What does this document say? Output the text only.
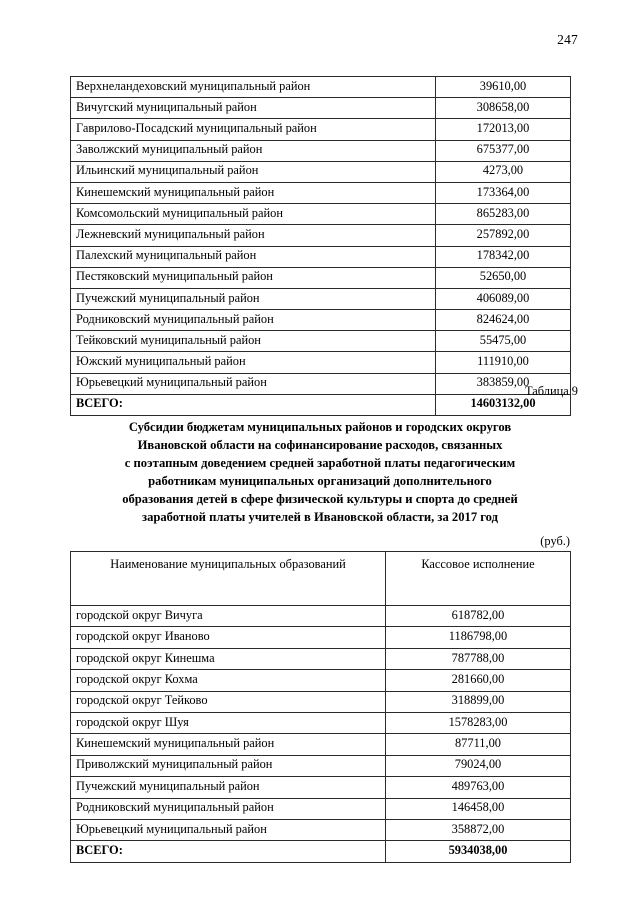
247
Верхнеландеховский муниципальный район	39610,00
Вичугский муниципальный район	308658,00
Гаврилово-Посадский муниципальный район	172013,00
Заволжский муниципальный район	675377,00
Ильинский муниципальный район	4273,00
Кинешемский муниципальный район	173364,00
Комсомольский муниципальный район	865283,00
Лежневский муниципальный район	257892,00
Палехский муниципальный район	178342,00
Пестяковский муниципальный район	52650,00
Пучежский муниципальный район	406089,00
Родниковский муниципальный район	824624,00
Тейковский муниципальный район	55475,00
Южский муниципальный район	111910,00
Юрьевецкий муниципальный район	383859,00
ВСЕГО:	14603132,00
Таблица 9
Субсидии бюджетам муниципальных районов и городских округов
Ивановской области на софинансирование расходов, связанных
с поэтапным доведением средней заработной платы педагогическим
работникам муниципальных организаций дополнительного
образования детей в сфере физической культуры и спорта до средней
заработной платы учителей в Ивановской области, за 2017 год
(руб.)
Наименование муниципальных образований	Кассовое исполнение
городской округ Вичуга	618782,00
городской округ Иваново	1186798,00
городской округ Кинешма	787788,00
городской округ Кохма	281660,00
городской округ Тейково	318899,00
городской округ Шуя	1578283,00
Кинешемский муниципальный район	87711,00
Приволжский муниципальный район	79024,00
Пучежский муниципальный район	489763,00
Родниковский муниципальный район	146458,00
Юрьевецкий муниципальный район	358872,00
ВСЕГО:	5934038,00
